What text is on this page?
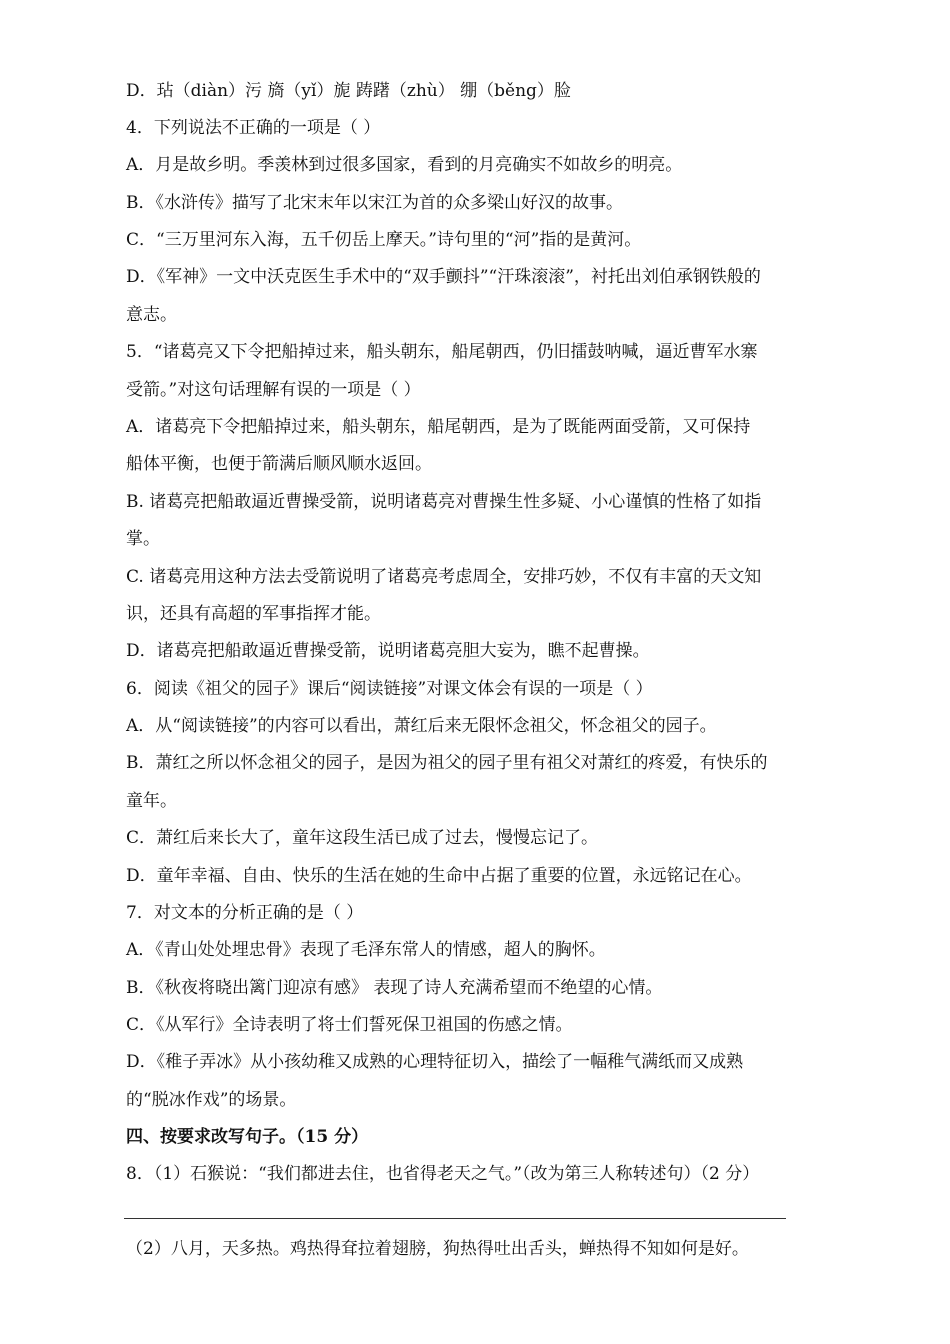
D．玷（diàn）污 旖（yǐ）旎 踌躇（zhù） 绷（běng）脸
4．下列说法不正确的一项是（ ）
A．月是故乡明。季羡林到过很多国家，看到的月亮确实不如故乡的明亮。
B．《水浒传》描写了北宋末年以宋江为首的众多梁山好汉的故事。
C．“三万里河东入海，五千仞岳上摩天。”诗句里的“河”指的是黄河。
D．《军神》一文中沃克医生手术中的“双手颤抖”“汗珠滚滚”，衬托出刘伯承钢铁般的
意志。
5．“诸葛亮又下令把船掉过来，船头朝东，船尾朝西，仍旧擂鼓呐喊，逼近曹军水寨
受箭。”对这句话理解有误的一项是（ ）
A．诸葛亮下令把船掉过来，船头朝东，船尾朝西，是为了既能两面受箭，又可保持
船体平衡，也便于箭满后顺风顺水返回。
B. 诸葛亮把船敢逼近曹操受箭，说明诸葛亮对曹操生性多疑、小心谨慎的性格了如指
掌。
C. 诸葛亮用这种方法去受箭说明了诸葛亮考虑周全，安排巧妙，不仅有丰富的天文知
识，还具有高超的军事指挥才能。
D．诸葛亮把船敢逼近曹操受箭，说明诸葛亮胆大妄为，瞧不起曹操。
6．阅读《祖父的园子》课后“阅读链接”对课文体会有误的一项是（ ）
A．从“阅读链接”的内容可以看出，萧红后来无限怀念祖父，怀念祖父的园子。
B．萧红之所以怀念祖父的园子，是因为祖父的园子里有祖父对萧红的疼爱，有快乐的
童年。
C．萧红后来长大了，童年这段生活已成了过去，慢慢忘记了。
D．童年幸福、自由、快乐的生活在她的生命中占据了重要的位置，永远铭记在心。
7．对文本的分析正确的是（ ）
A．《青山处处埋忠骨》表现了毛泽东常人的情感，超人的胸怀。
B．《秋夜将晓出篱门迎凉有感》 表现了诗人充满希望而不绝望的心情。
C．《从军行》全诗表明了将士们誓死保卫祖国的伤感之情。
D．《稚子弄冰》从小孩幼稚又成熟的心理特征切入，描绘了一幅稚气满纸而又成熟
的“脱冰作戏”的场景。
四、按要求改写句子。（15 分）
8．（1）石猴说：“我们都进去住，也省得老天之气。”（改为第三人称转述句）（2 分）
（2）八月，天多热。鸡热得耷拉着翅膀，狗热得吐出舌头，蝉热得不知如何是好。
